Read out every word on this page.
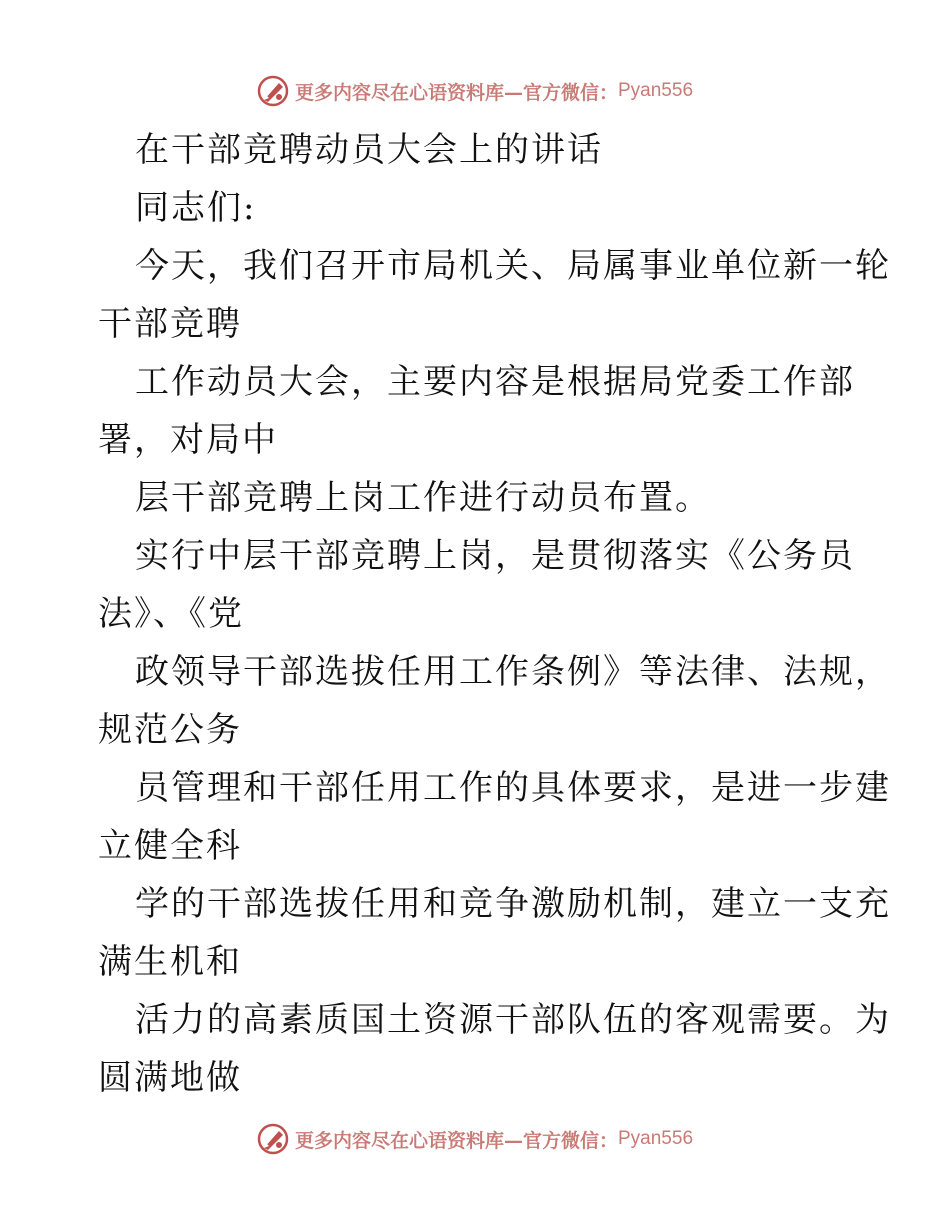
更多内容尽在心语资料库—官方微信： Pyan556
在干部竞聘动员大会上的讲话
同志们:
今天，我们召开市局机关、局属事业单位新一轮
干部竞聘
工作动员大会，主要内容是根据局党委工作部
署，对局中
层干部竞聘上岗工作进行动员布置。
实行中层干部竞聘上岗，是贯彻落实《公务员
法》、《党
政领导干部选拔任用工作条例》等法律、法规，
规范公务
员管理和干部任用工作的具体要求，是进一步建
立健全科
学的干部选拔任用和竞争激励机制，建立一支充
满生机和
活力的高素质国土资源干部队伍的客观需要。为
圆满地做
更多内容尽在心语资料库—官方微信： Pyan556
